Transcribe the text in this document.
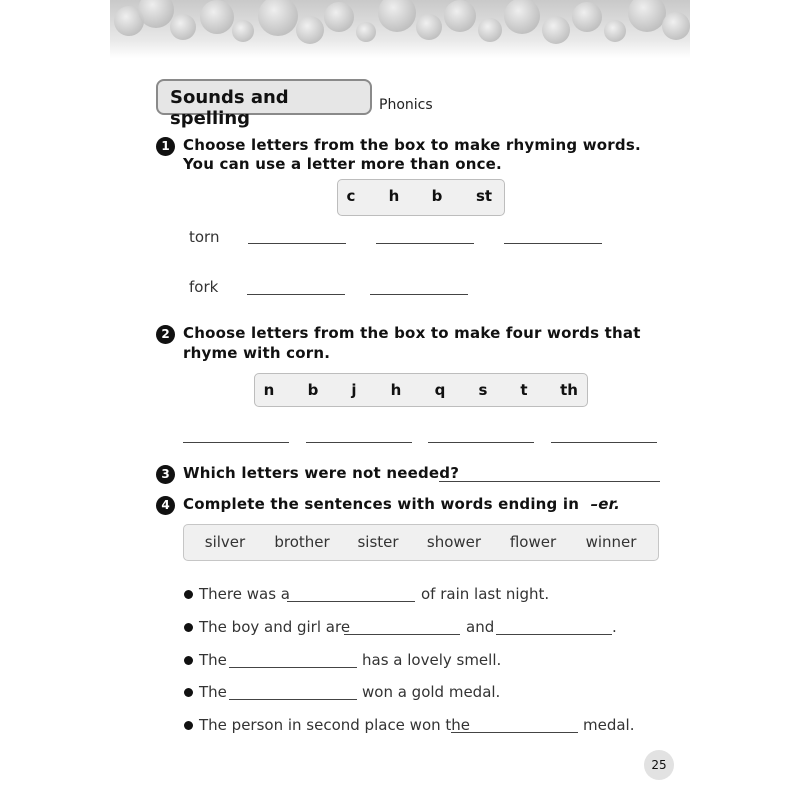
Sounds and spelling
Phonics
1 Choose letters from the box to make rhyming words.
You can use a letter more than once.
c h b st
torn
fork
2 Choose letters from the box to make four words that
rhyme with corn.
n b j h q s t th
3 Which letters were not needed?
4 Complete the sentences with words ending in –er.
silver brother sister shower flower winner
There was a	of rain last night.
The boy and girl are	and	.
The	has a lovely smell.
The	won a gold medal.
The person in second place won the	medal.
25
